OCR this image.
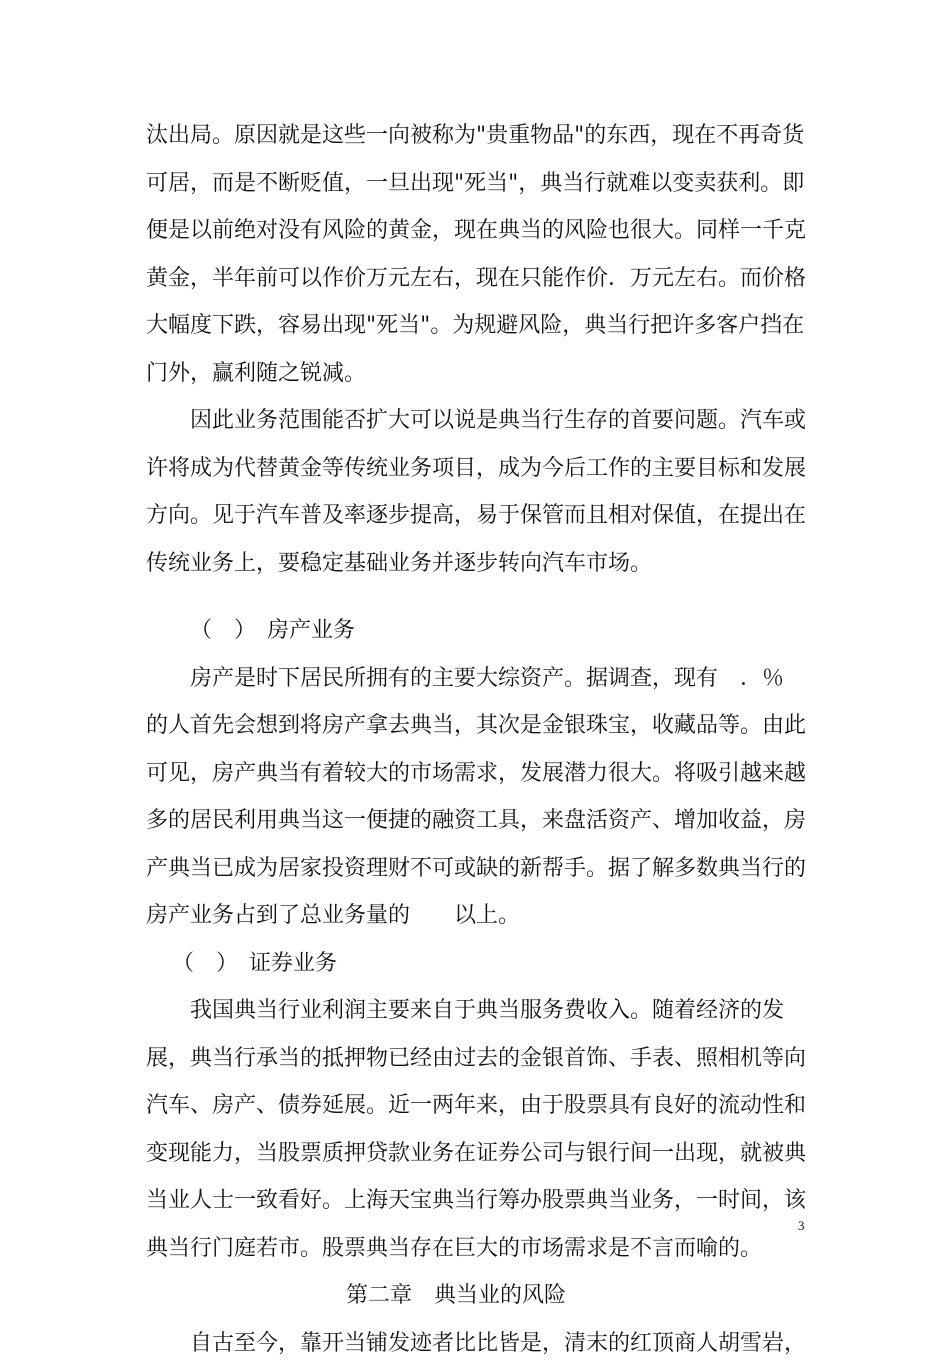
汰出局。原因就是这些一向被称为"贵重物品"的东西，现在不再奇货
可居，而是不断贬值，一旦出现"死当"，典当行就难以变卖获利。即
便是以前绝对没有风险的黄金，现在典当的风险也很大。同样一千克
黄金，半年前可以作价万元左右，现在只能作价．万元左右。而价格
大幅度下跌，容易出现"死当"。为规避风险，典当行把许多客户挡在
门外，赢利随之锐减。
因此业务范围能否扩大可以说是典当行生存的首要问题。汽车或
许将成为代替黄金等传统业务项目，成为今后工作的主要目标和发展
方向。见于汽车普及率逐步提高，易于保管而且相对保值，在提出在
传统业务上，要稳定基础业务并逐步转向汽车市场。
（　）　房产业务
房产是时下居民所拥有的主要大综资产。据调查，现有　．％
的人首先会想到将房产拿去典当，其次是金银珠宝，收藏品等。由此
可见，房产典当有着较大的市场需求，发展潜力很大。将吸引越来越
多的居民利用典当这一便捷的融资工具，来盘活资产、增加收益，房
产典当已成为居家投资理财不可或缺的新帮手。据了解多数典当行的
房产业务占到了总业务量的　　以上。
（　）　证券业务
我国典当行业利润主要来自于典当服务费收入。随着经济的发
展，典当行承当的抵押物已经由过去的金银首饰、手表、照相机等向
汽车、房产、债券延展。近一两年来，由于股票具有良好的流动性和
变现能力，当股票质押贷款业务在证券公司与银行间一出现，就被典
当业人士一致看好。上海天宝典当行筹办股票典当业务，一时间，该
典当行门庭若市。股票典当存在巨大的市场需求是不言而喻的。
第二章　典当业的风险
自古至今，靠开当铺发迹者比比皆是，清末的红顶商人胡雪岩，
3
